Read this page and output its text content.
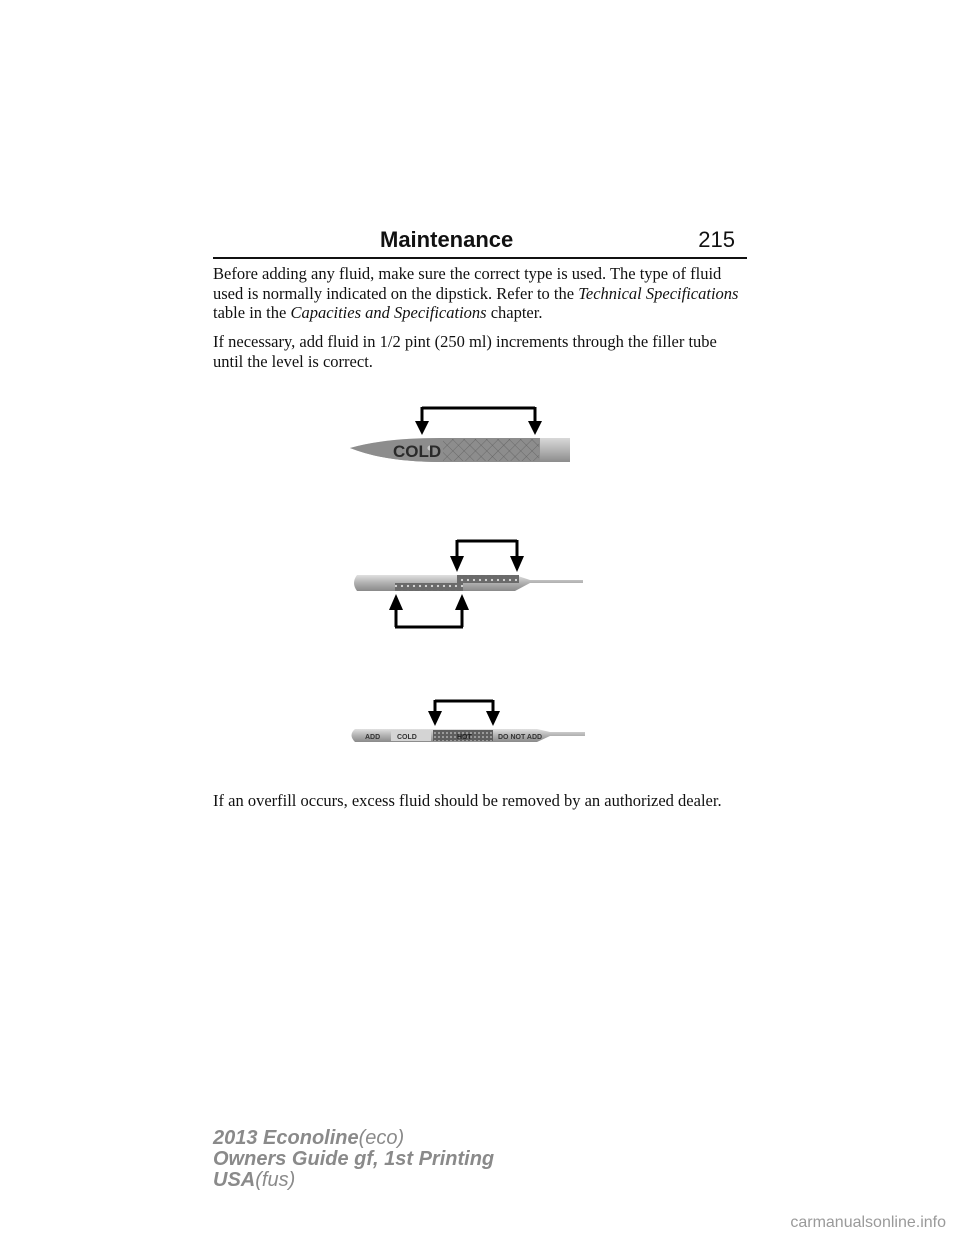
Maintenance	215

Before adding any fluid, make sure the correct type is used. The type of fluid used is normally indicated on the dipstick. Refer to the Technical Specifications table in the Capacities and Specifications chapter.

If necessary, add fluid in 1/2 pint (250 ml) increments through the filler tube until the level is correct.

COLD
ADD COLD	HOT	DO NOT ADD

If an overfill occurs, excess fluid should be removed by an authorized dealer.

2013 Econoline(eco)
Owners Guide gf, 1st Printing
USA(fus)
carmanualsonline.info
